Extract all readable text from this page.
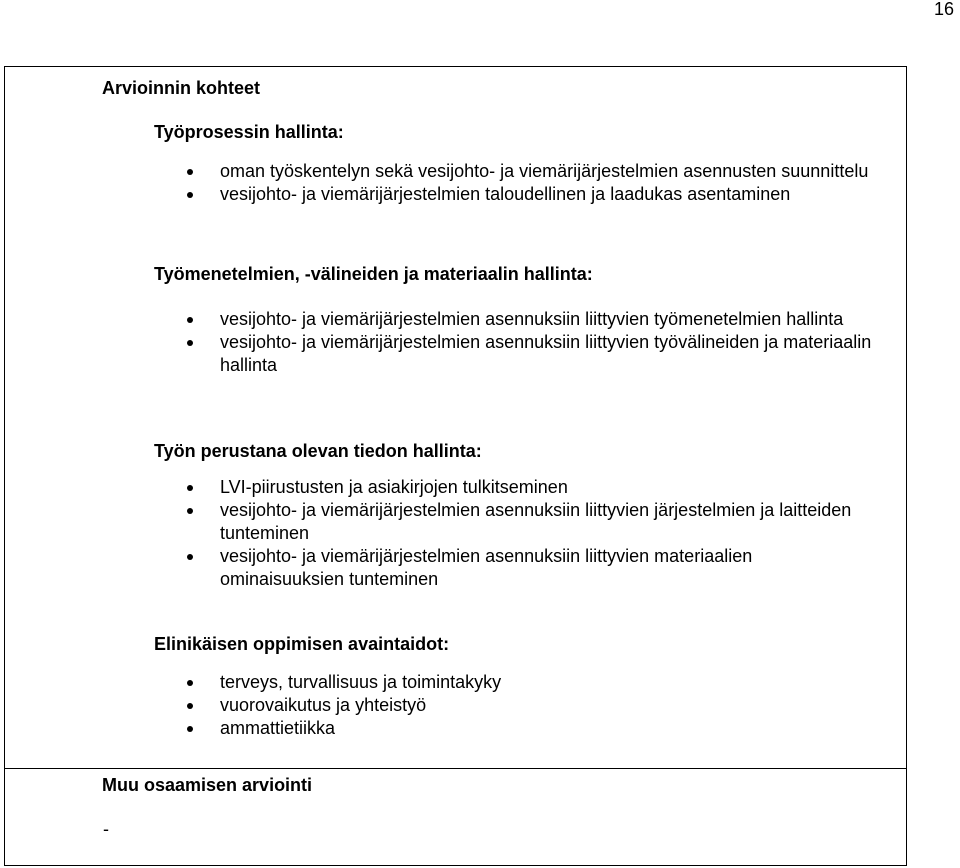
16
Arvioinnin kohteet
Työprosessin hallinta:
oman työskentelyn sekä vesijohto- ja viemärijärjestelmien asennusten suunnittelu
vesijohto- ja viemärijärjestelmien taloudellinen ja laadukas asentaminen
Työmenetelmien, -välineiden ja materiaalin hallinta:
vesijohto- ja viemärijärjestelmien asennuksiin liittyvien työmenetelmien hallinta
vesijohto- ja viemärijärjestelmien asennuksiin liittyvien työvälineiden ja materiaalin hallinta
Työn perustana olevan tiedon hallinta:
LVI-piirustusten ja asiakirjojen tulkitseminen
vesijohto- ja viemärijärjestelmien asennuksiin liittyvien järjestelmien ja laitteiden tunteminen
vesijohto- ja viemärijärjestelmien asennuksiin liittyvien materiaalien ominaisuuksien tunteminen
Elinikäisen oppimisen avaintaidot:
terveys, turvallisuus ja toimintakyky
vuorovaikutus ja yhteistyö
ammattietiikka
Muu osaamisen arviointi
-
